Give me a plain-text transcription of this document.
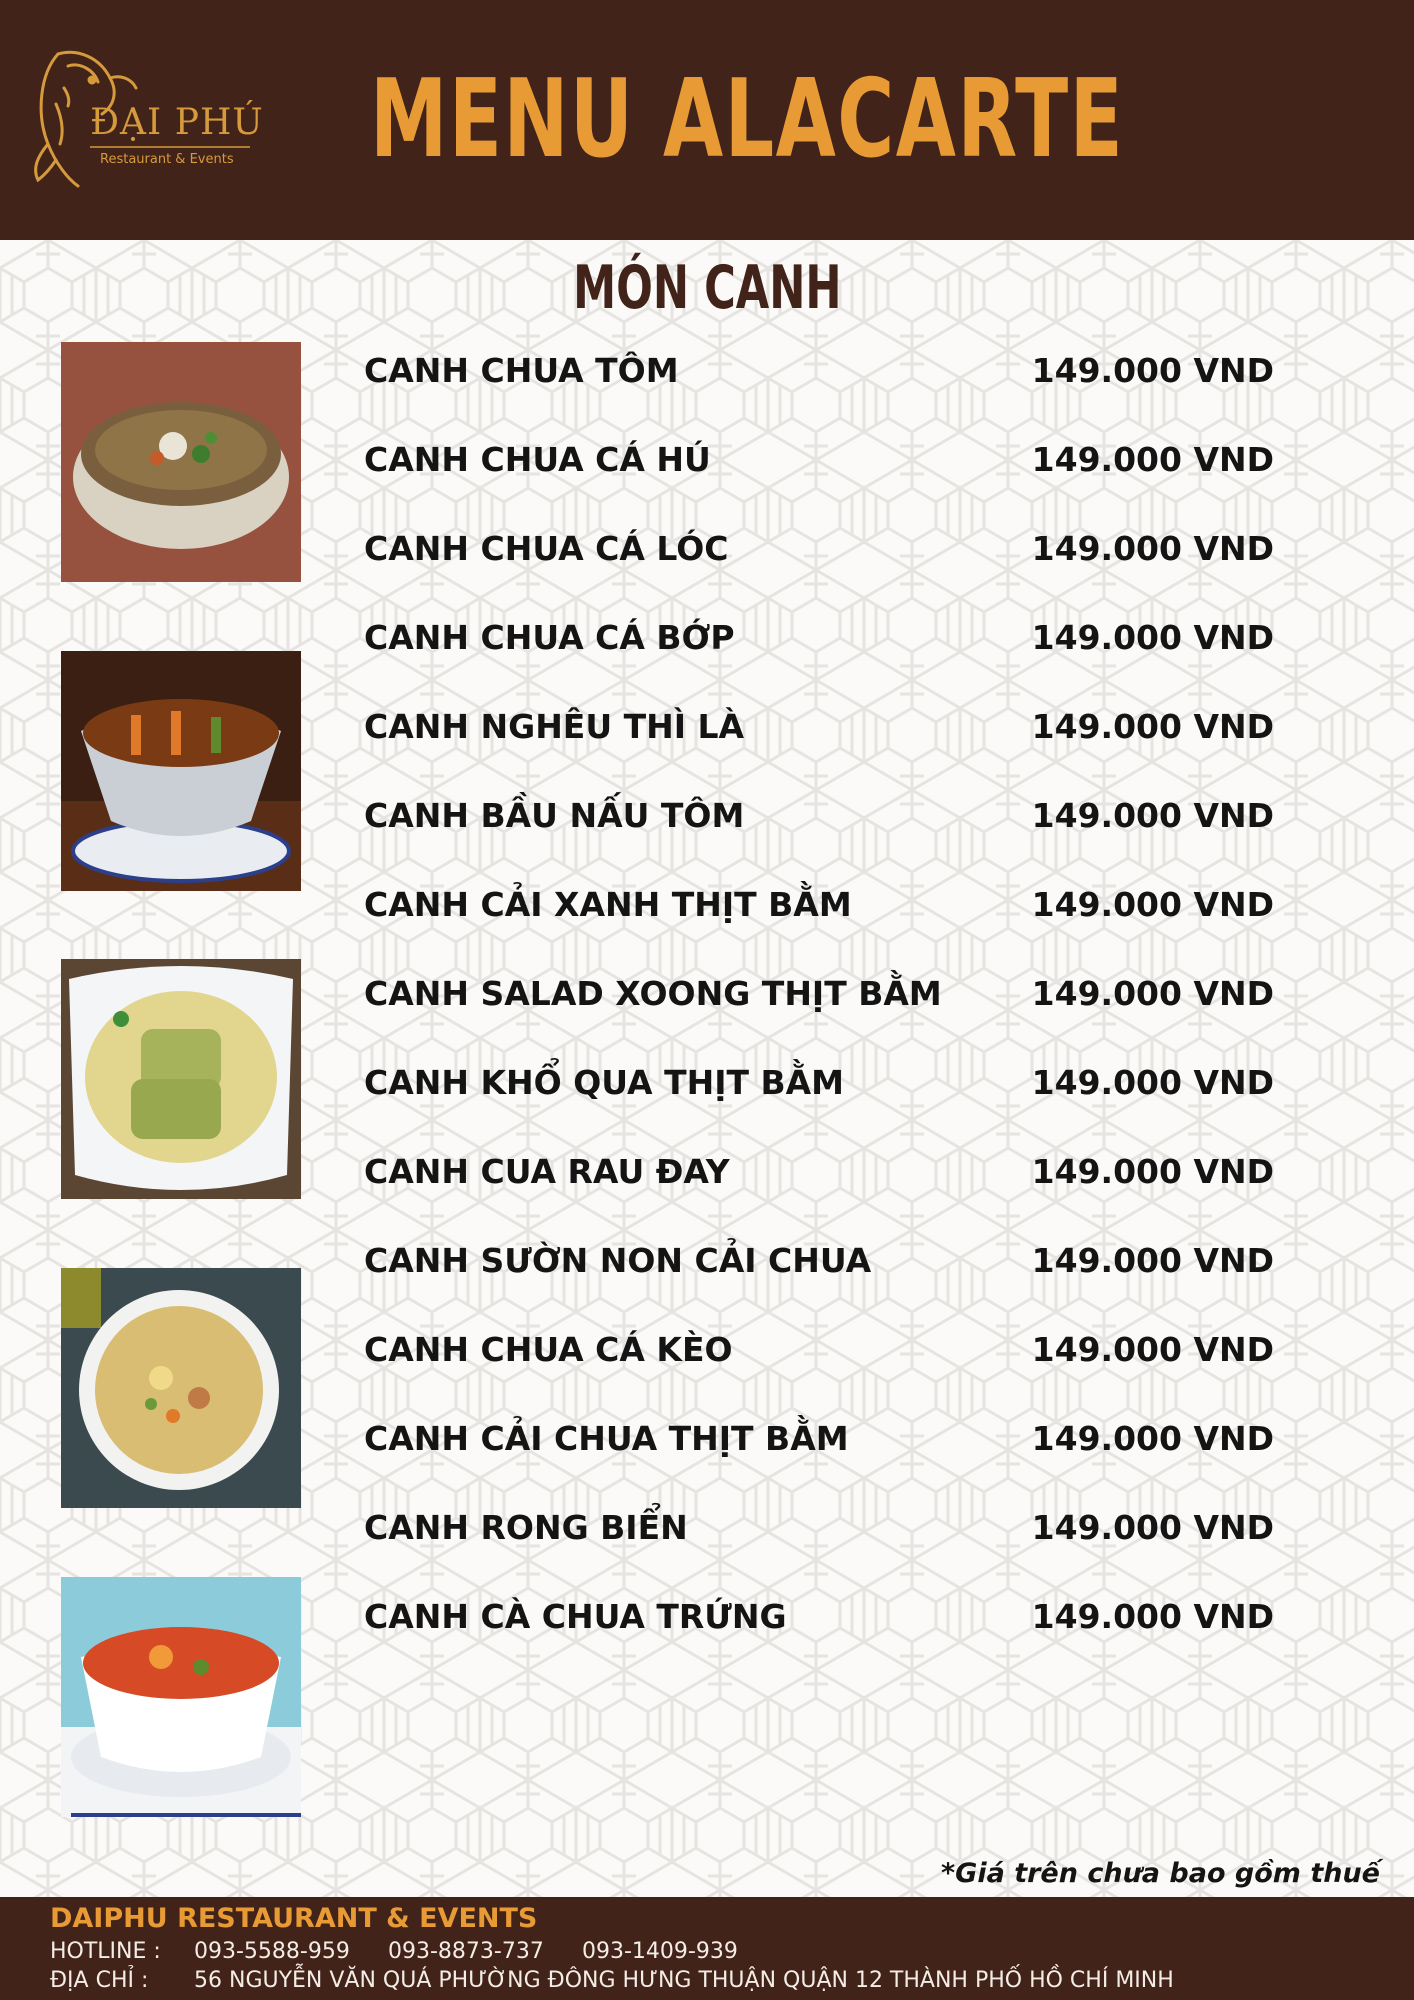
ĐẠI PHÚ
Restaurant & Events MENU ALACARTE
MÓN CANH
CANH CHUA TÔM	149.000 VND
CANH CHUA CÁ HÚ	149.000 VND
CANH CHUA CÁ LÓC	149.000 VND
CANH CHUA CÁ BỚP	149.000 VND
CANH NGHÊU THÌ LÀ	149.000 VND
CANH BẦU NẤU TÔM	149.000 VND
CANH CẢI XANH THỊT BẰM	149.000 VND
CANH SALAD XOONG THỊT BẰM	149.000 VND
CANH KHỔ QUA THỊT BẰM	149.000 VND
CANH CUA RAU ĐAY	149.000 VND
CANH SƯỜN NON CẢI CHUA	149.000 VND
CANH CHUA CÁ KÈO	149.000 VND
CANH CẢI CHUA THỊT BẰM	149.000 VND
CANH RONG BIỂN	149.000 VND
CANH CÀ CHUA TRỨNG	149.000 VND
*Giá trên chưa bao gồm thuế
DAIPHU RESTAURANT & EVENTS
HOTLINE : 093-5588-959 093-8873-737 093-1409-939
ĐỊA CHỈ : 56 NGUYỄN VĂN QUÁ PHƯỜNG ĐÔNG HƯNG THUẬN QUẬN 12 THÀNH PHỐ HỒ CHÍ MINH
